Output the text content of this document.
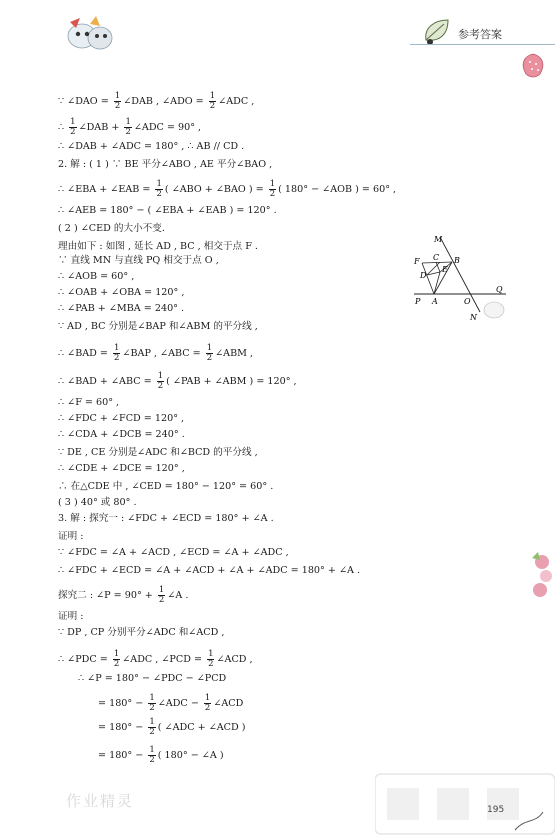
参考答案
∵ ∠DAO = $\frac{1}{2}$ ∠DAB , ∠ADO = $\frac{1}{2}$ ∠ADC ,
∴ $\frac{1}{2}$ ∠DAB + $\frac{1}{2}$ ∠ADC = 90° ,
∴ ∠DAB + ∠ADC = 180° , ∴ AB // CD .
2. 解 : ( 1 ) ∵ BE 平分∠ABO , AE 平分∠BAO ,
∴ ∠EBA + ∠EAB = $\frac{1}{2}$ ( ∠ABO + ∠BAO ) = $\frac{1}{2}$ ( 180° − ∠AOB ) = 60° ,
∴ ∠AEB = 180° − ( ∠EBA + ∠EAB ) = 120° .
( 2 ) ∠CED 的大小不变.
理由如下 : 如图 , 延长 AD , BC , 相交于点 F .
∵ 直线 MN 与直线 PQ 相交于点 O ,
∴ ∠AOB = 60° ,
∴ ∠OAB + ∠OBA = 120° ,
∴ ∠PAB + ∠MBA = 240° .
∵ AD , BC 分别是∠BAP 和∠ABM 的平分线 ,
∴ ∠BAD = $\frac{1}{2}$ ∠BAP , ∠ABC = $\frac{1}{2}$ ∠ABM ,
∴ ∠BAD + ∠ABC = $\frac{1}{2}$ ( ∠PAB + ∠ABM ) = 120° ,
∴ ∠F = 60° ,
∴ ∠FDC + ∠FCD = 120° ,
∴ ∠CDA + ∠DCB = 240° .
∵ DE , CE 分别是∠ADC 和∠BCD 的平分线 ,
∴ ∠CDE + ∠DCE = 120° ,
∴ 在△CDE 中 , ∠CED = 180° − 120° = 60° .
( 3 ) 40° 或 80° .
3. 解 : 探究一 : ∠FDC + ∠ECD = 180° + ∠A .
证明 :
∵ ∠FDC = ∠A + ∠ACD , ∠ECD = ∠A + ∠ADC ,
∴ ∠FDC + ∠ECD = ∠A + ∠ACD + ∠A + ∠ADC = 180° + ∠A .
探究二 : ∠P = $90^\circ + \frac{1}{2}$ ∠A .
证明 :
∵ DP , CP 分别平分∠ADC 和∠ACD ,
∴ ∠PDC = $\frac{1}{2}$ ∠ADC , ∠PCD = $\frac{1}{2}$ ∠ACD ,
∴ ∠P = 180° − ∠PDC − ∠PCD
= $180^\circ - \frac{1}{2}$ ∠ADC − $\frac{1}{2}$ ∠ACD
= $180^\circ - \frac{1}{2}$ ( ∠ADC + ∠ACD )
= $180^\circ - \frac{1}{2}$ ( 180° − ∠A )
M
B
C
F
E
D
P A	O
Q
N
作业精灵	195
